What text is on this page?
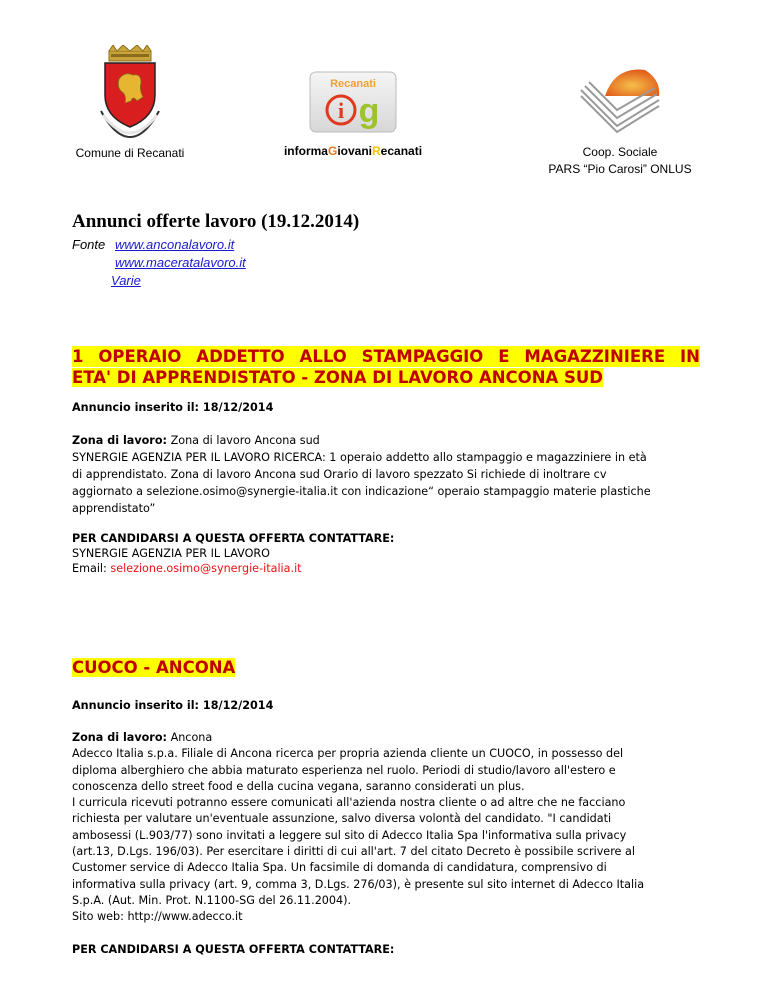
Comune di Recanati
Recanati
i g
informaGiovaniRecanati	Coop. Sociale
PARS “Pio Carosi” ONLUS
Annunci offerte lavoro (19.12.2014)
Fonte www.anconalavoro.it
www.maceratalavoro.it
Varie
1 OPERAIO ADDETTO ALLO STAMPAGGIO E MAGAZZINIERE IN
ETA' DI APPRENDISTATO - ZONA DI LAVORO ANCONA SUD
Annuncio inserito il: 18/12/2014
Zona di lavoro: Zona di lavoro Ancona sud
SYNERGIE AGENZIA PER IL LAVORO RICERCA: 1 operaio addetto allo stampaggio e magazziniere in età
di apprendistato. Zona di lavoro Ancona sud Orario di lavoro spezzato Si richiede di inoltrare cv
aggiornato a selezione.osimo@synergie-italia.it con indicazione“ operaio stampaggio materie plastiche
apprendistato”
PER CANDIDARSI A QUESTA OFFERTA CONTATTARE:
SYNERGIE AGENZIA PER IL LAVORO
Email: selezione.osimo@synergie-italia.it
CUOCO - ANCONA
Annuncio inserito il: 18/12/2014
Zona di lavoro: Ancona
Adecco Italia s.p.a. Filiale di Ancona ricerca per propria azienda cliente un CUOCO, in possesso del
diploma alberghiero che abbia maturato esperienza nel ruolo. Periodi di studio/lavoro all'estero e
conoscenza dello street food e della cucina vegana, saranno considerati un plus.
I curricula ricevuti potranno essere comunicati all'azienda nostra cliente o ad altre che ne facciano
richiesta per valutare un'eventuale assunzione, salvo diversa volontà del candidato. "I candidati
ambosessi (L.903/77) sono invitati a leggere sul sito di Adecco Italia Spa l'informativa sulla privacy
(art.13, D.Lgs. 196/03). Per esercitare i diritti di cui all'art. 7 del citato Decreto è possibile scrivere al
Customer service di Adecco Italia Spa. Un facsimile di domanda di candidatura, comprensivo di
informativa sulla privacy (art. 9, comma 3, D.Lgs. 276/03), è presente sul sito internet di Adecco Italia
S.p.A. (Aut. Min. Prot. N.1100-SG del 26.11.2004).
Sito web: http://www.adecco.it
PER CANDIDARSI A QUESTA OFFERTA CONTATTARE:
